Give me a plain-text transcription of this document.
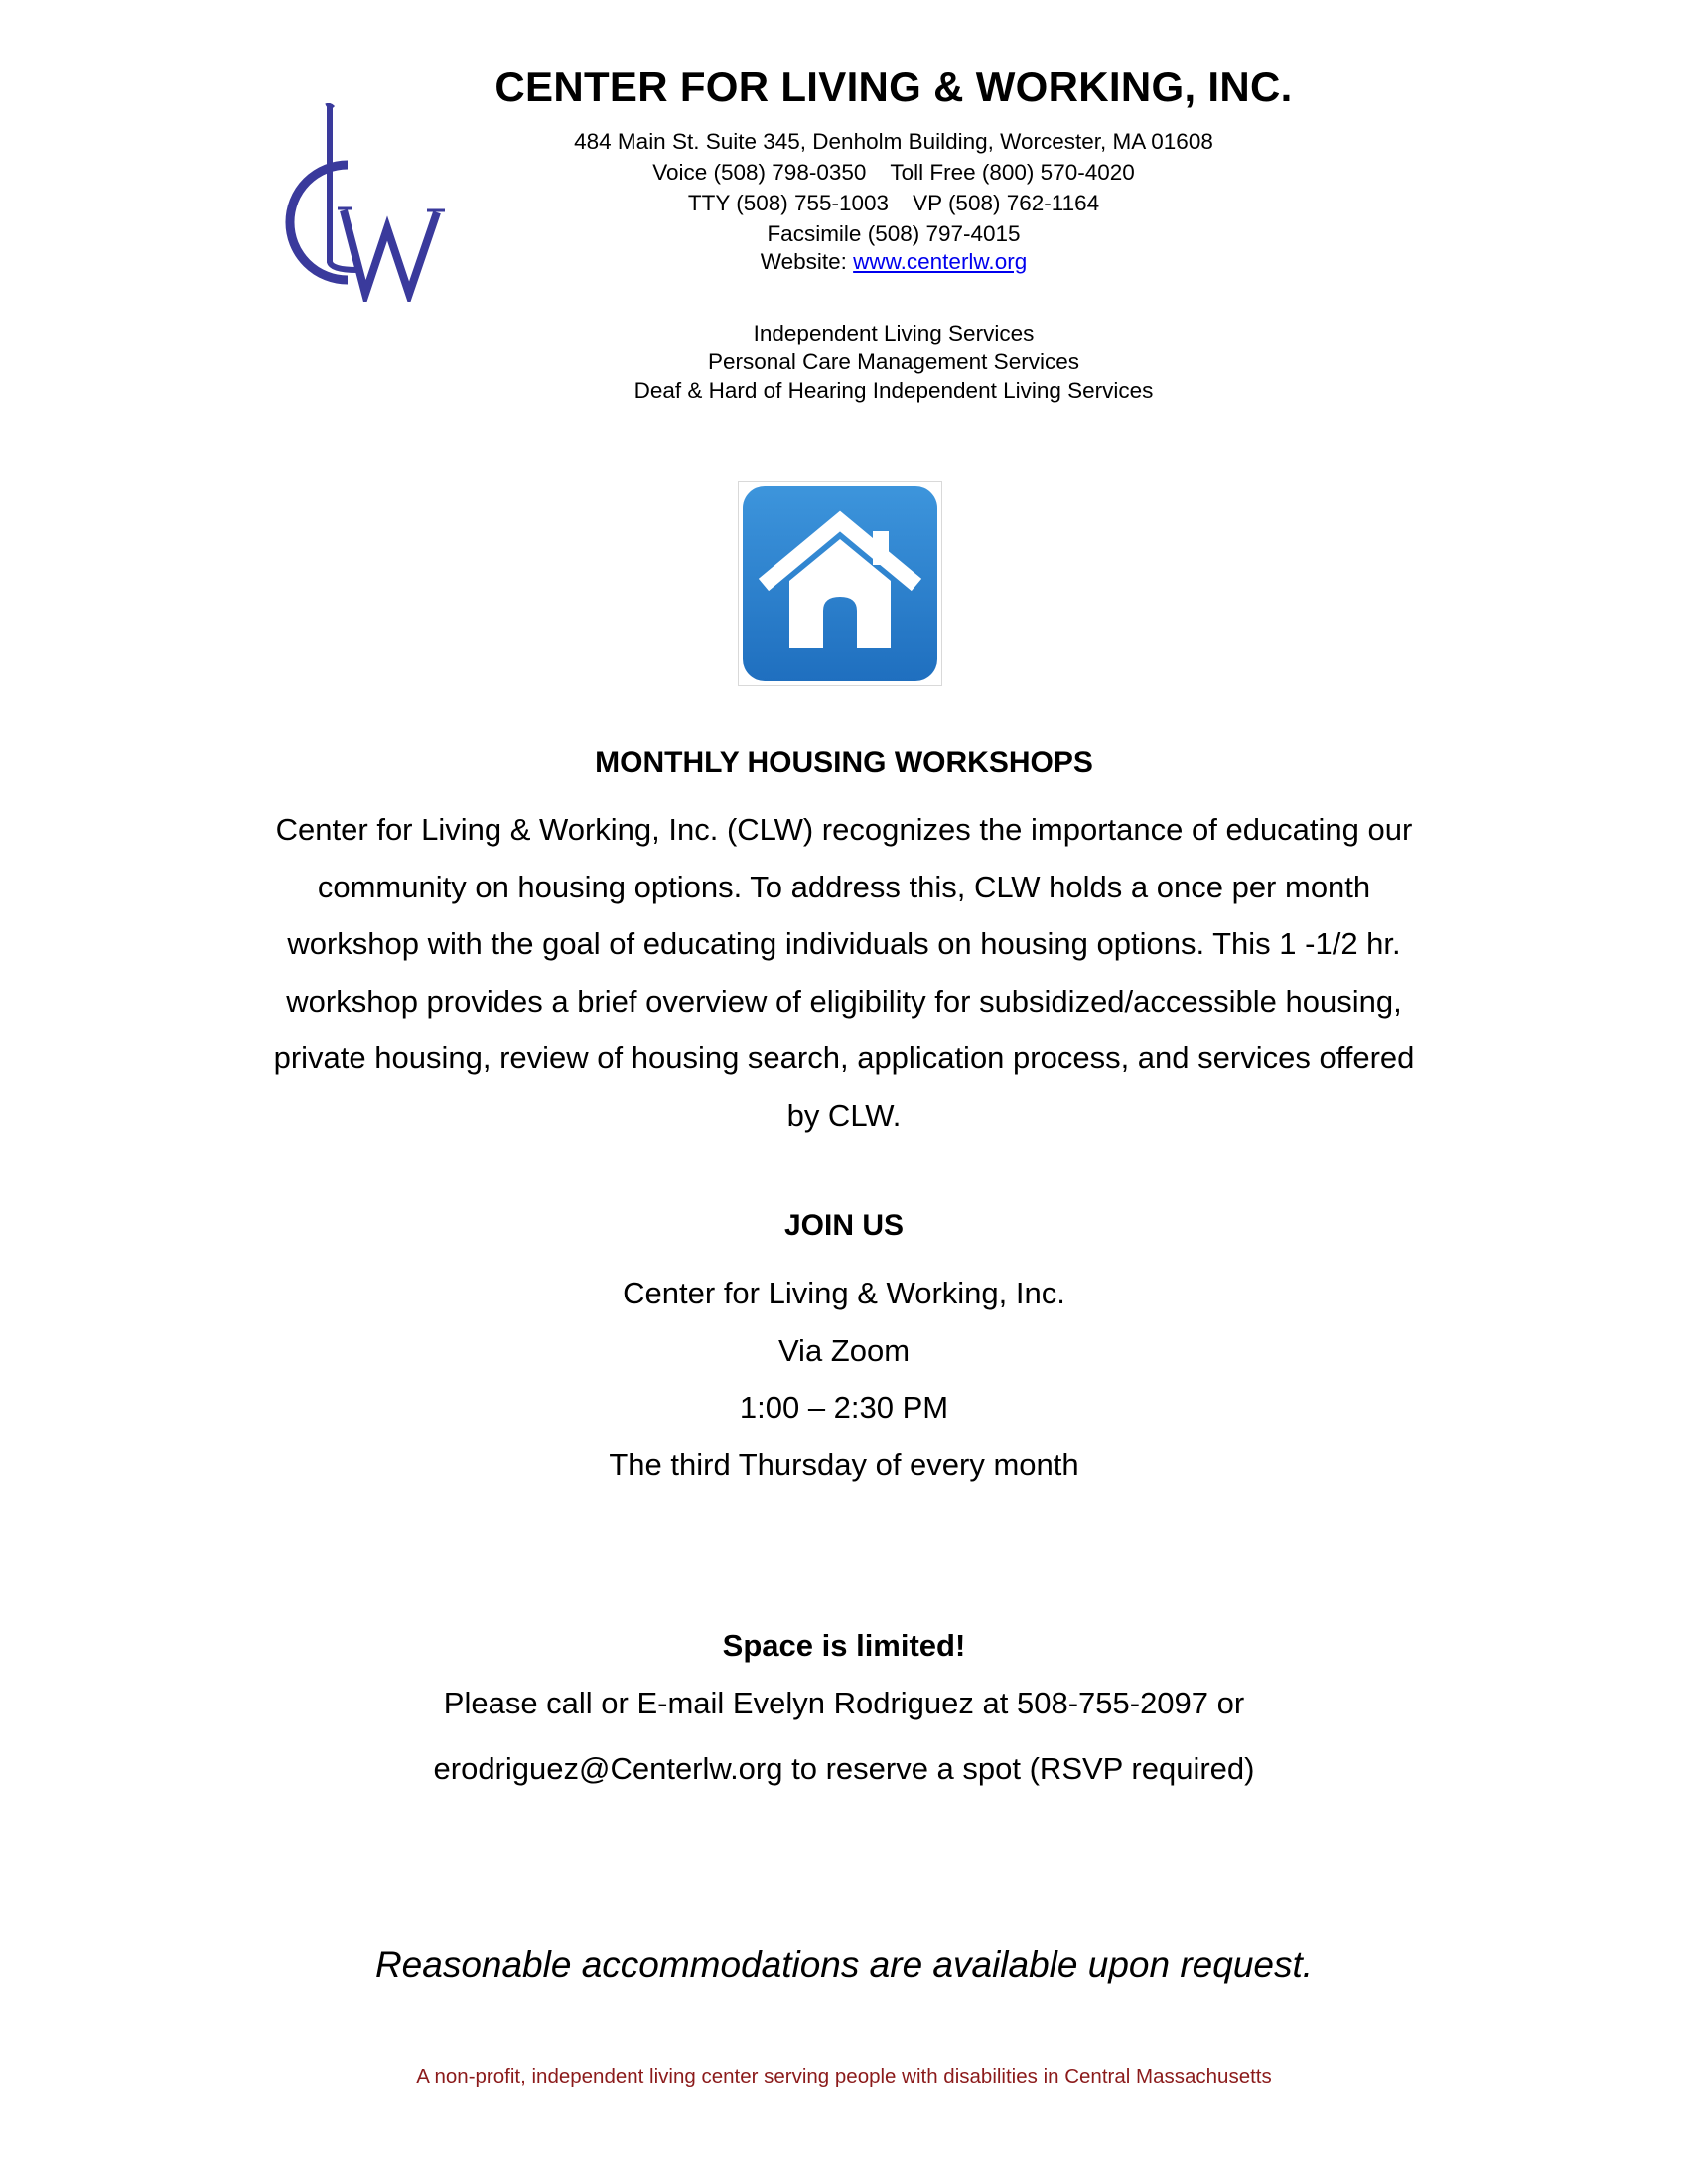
CENTER FOR LIVING & WORKING, INC.
484 Main St. Suite 345, Denholm Building, Worcester, MA 01608
Voice (508) 798-0350 Toll Free (800) 570-4020
TTY (508) 755-1003 VP (508) 762-1164
Facsimile (508) 797-4015
Website: www.centerlw.org
Independent Living Services
Personal Care Management Services
Deaf & Hard of Hearing Independent Living Services
MONTHLY HOUSING WORKSHOPS
Center for Living & Working, Inc. (CLW) recognizes the importance of educating our
community on housing options. To address this, CLW holds a once per month
workshop with the goal of educating individuals on housing options. This 1 -1/2 hr.
workshop provides a brief overview of eligibility for subsidized/accessible housing,
private housing, review of housing search, application process, and services offered
by CLW.
JOIN US
Center for Living & Working, Inc.
Via Zoom
1:00 – 2:30 PM
The third Thursday of every month
Space is limited!
Please call or E-mail Evelyn Rodriguez at 508-755-2097 or
erodriguez@Centerlw.org to reserve a spot (RSVP required)
Reasonable accommodations are available upon request.
A non-profit, independent living center serving people with disabilities in Central Massachusetts
